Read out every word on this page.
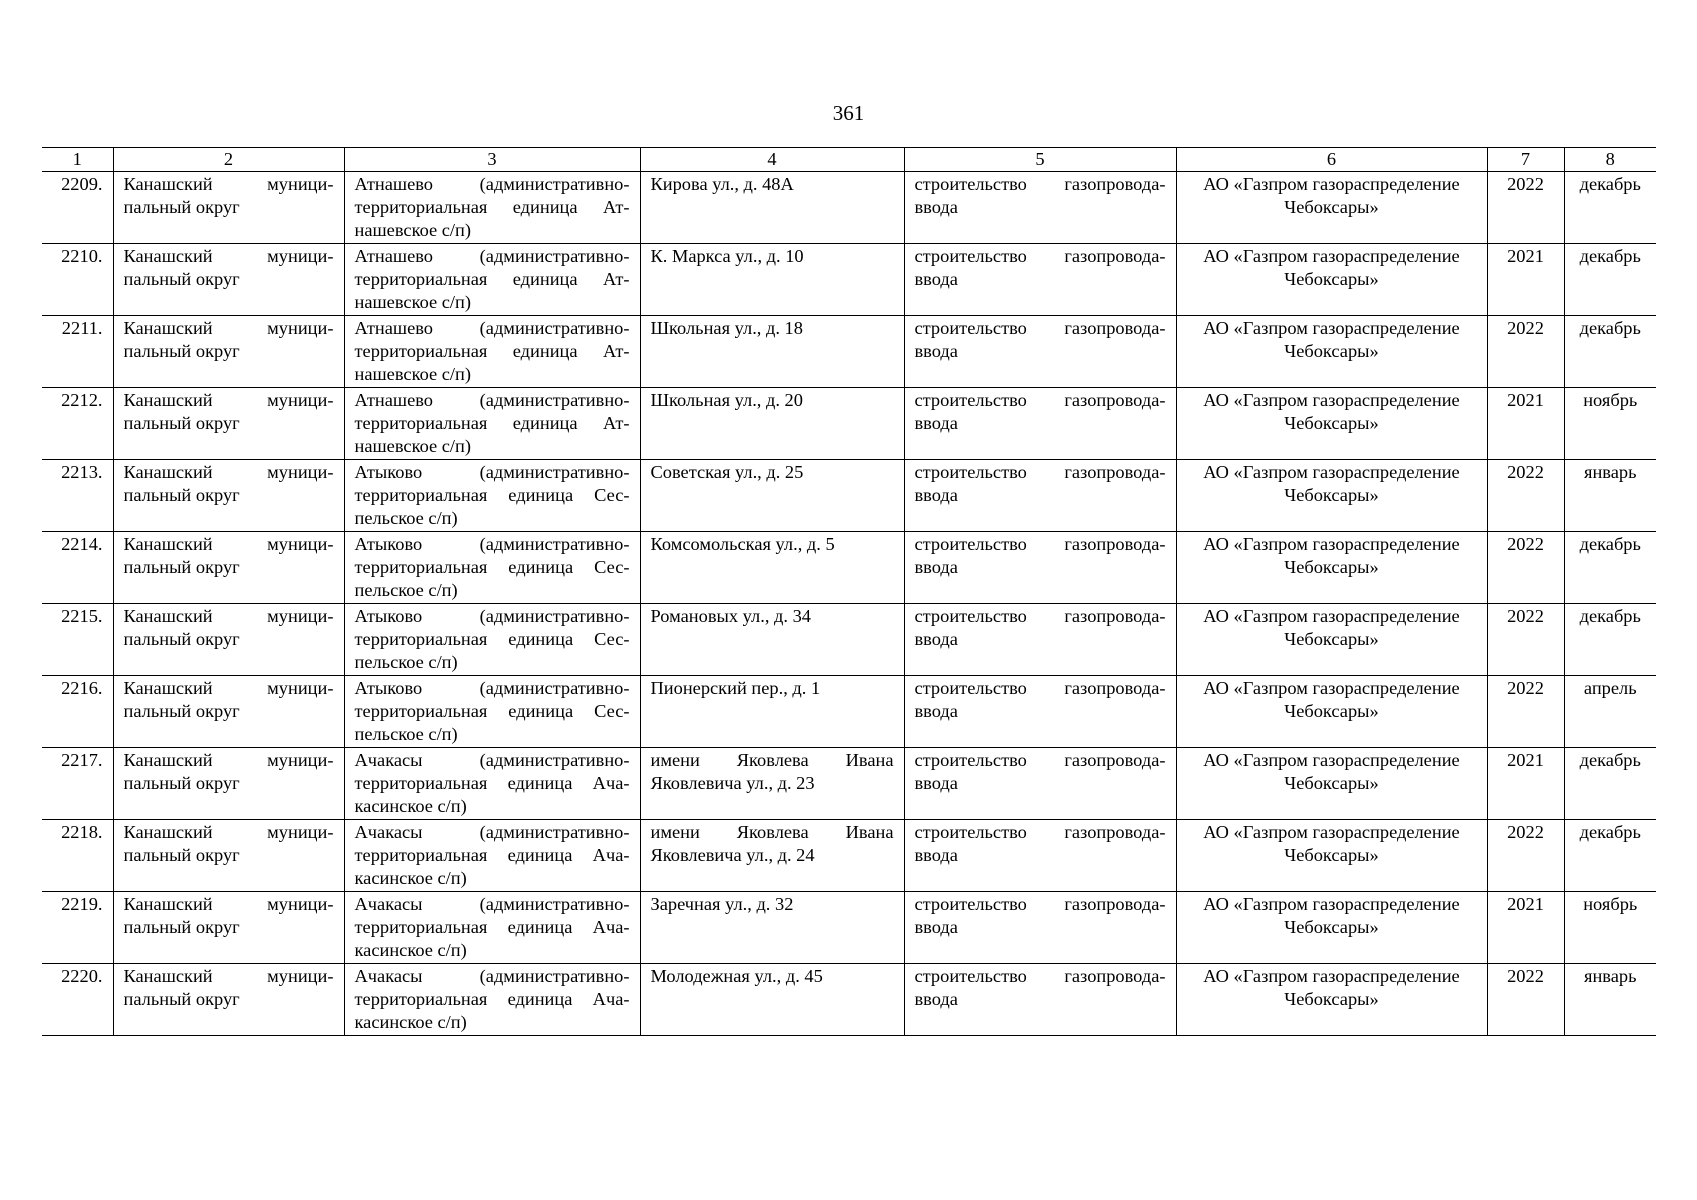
361
1	2	3	4	5	6	7	8
2209.	Канашский муници-пальный округ	Атнашево (административно-территориальная единица Ат-нашевское с/п)	Кирова ул., д. 48А	строительство газопровода-ввода	АО «Газпром газораспределение Чебоксары»	2022	декабрь
2210.	Канашский муници-пальный округ	Атнашево (административно-территориальная единица Ат-нашевское с/п)	К. Маркса ул., д. 10	строительство газопровода-ввода	АО «Газпром газораспределение Чебоксары»	2021	декабрь
2211.	Канашский муници-пальный округ	Атнашево (административно-территориальная единица Ат-нашевское с/п)	Школьная ул., д. 18	строительство газопровода-ввода	АО «Газпром газораспределение Чебоксары»	2022	декабрь
2212.	Канашский муници-пальный округ	Атнашево (административно-территориальная единица Ат-нашевское с/п)	Школьная ул., д. 20	строительство газопровода-ввода	АО «Газпром газораспределение Чебоксары»	2021	ноябрь
2213.	Канашский муници-пальный округ	Атыково (административно-территориальная единица Сес-пельское с/п)	Советская ул., д. 25	строительство газопровода-ввода	АО «Газпром газораспределение Чебоксары»	2022	январь
2214.	Канашский муници-пальный округ	Атыково (административно-территориальная единица Сес-пельское с/п)	Комсомольская ул., д. 5	строительство газопровода-ввода	АО «Газпром газораспределение Чебоксары»	2022	декабрь
2215.	Канашский муници-пальный округ	Атыково (административно-территориальная единица Сес-пельское с/п)	Романовых ул., д. 34	строительство газопровода-ввода	АО «Газпром газораспределение Чебоксары»	2022	декабрь
2216.	Канашский муници-пальный округ	Атыково (административно-территориальная единица Сес-пельское с/п)	Пионерский пер., д. 1	строительство газопровода-ввода	АО «Газпром газораспределение Чебоксары»	2022	апрель
2217.	Канашский муници-пальный округ	Ачакасы (административно-территориальная единица Ача-касинское с/п)	имени Яковлева Ивана Яковлевича ул., д. 23	строительство газопровода-ввода	АО «Газпром газораспределение Чебоксары»	2021	декабрь
2218.	Канашский муници-пальный округ	Ачакасы (административно-территориальная единица Ача-касинское с/п)	имени Яковлева Ивана Яковлевича ул., д. 24	строительство газопровода-ввода	АО «Газпром газораспределение Чебоксары»	2022	декабрь
2219.	Канашский муници-пальный округ	Ачакасы (административно-территориальная единица Ача-касинское с/п)	Заречная ул., д. 32	строительство газопровода-ввода	АО «Газпром газораспределение Чебоксары»	2021	ноябрь
2220.	Канашский муници-пальный округ	Ачакасы (административно-территориальная единица Ача-касинское с/п)	Молодежная ул., д. 45	строительство газопровода-ввода	АО «Газпром газораспределение Чебоксары»	2022	январь
